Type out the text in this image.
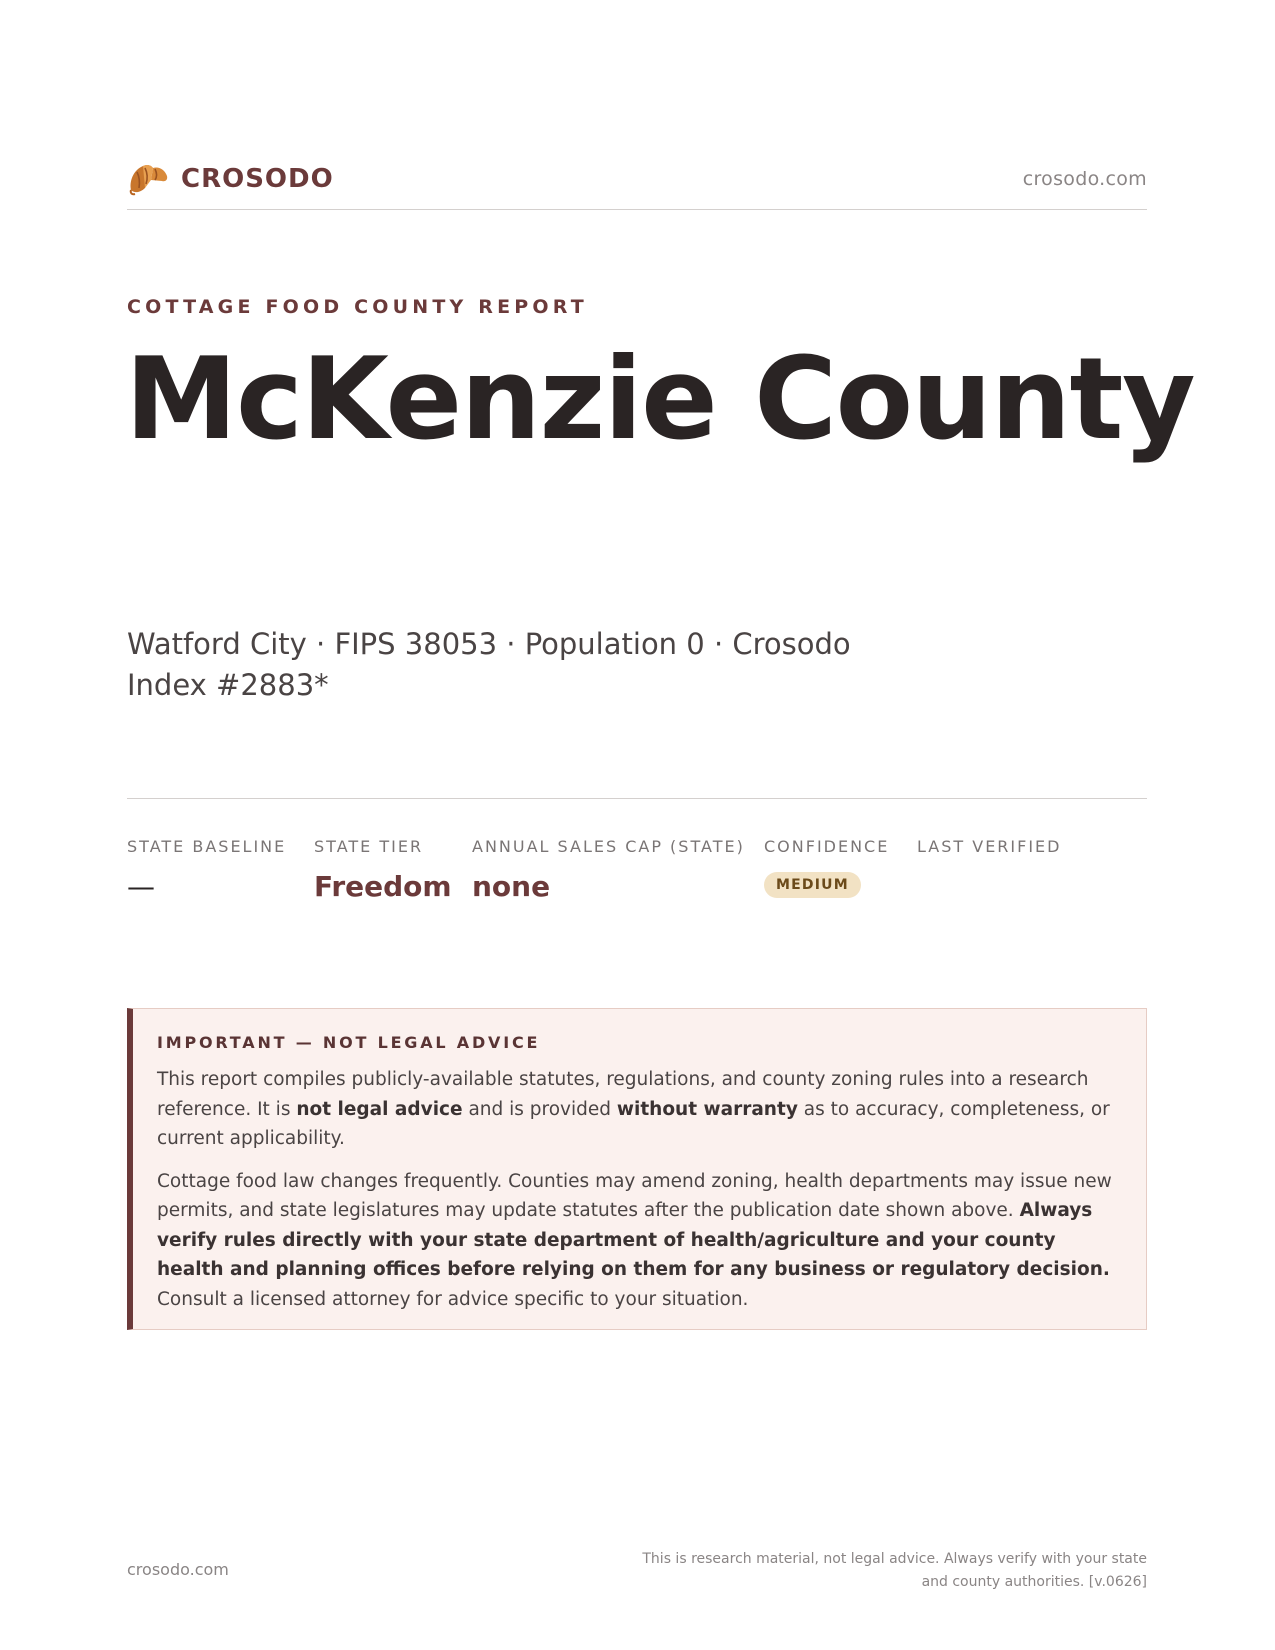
CROSODO	crosodo.com
COTTAGE FOOD COUNTY REPORT
McKenzie County
Watford City · FIPS 38053 · Population 0 · Crosodo Index #2883*
STATE BASELINE
—
STATE TIER
Freedom
ANNUAL SALES CAP (STATE)
none
CONFIDENCE
MEDIUM
LAST VERIFIED
IMPORTANT — NOT LEGAL ADVICE

This report compiles publicly-available statutes, regulations, and county zoning rules into a research reference. It is not legal advice and is provided without warranty as to accuracy, completeness, or current applicability.

Cottage food law changes frequently. Counties may amend zoning, health departments may issue new permits, and state legislatures may update statutes after the publication date shown above. Always verify rules directly with your state department of health/agriculture and your county health and planning offices before relying on them for any business or regulatory decision. Consult a licensed attorney for advice specific to your situation.

crosodo.com
This is research material, not legal advice. Always verify with your state and county authorities. [v.0626]
